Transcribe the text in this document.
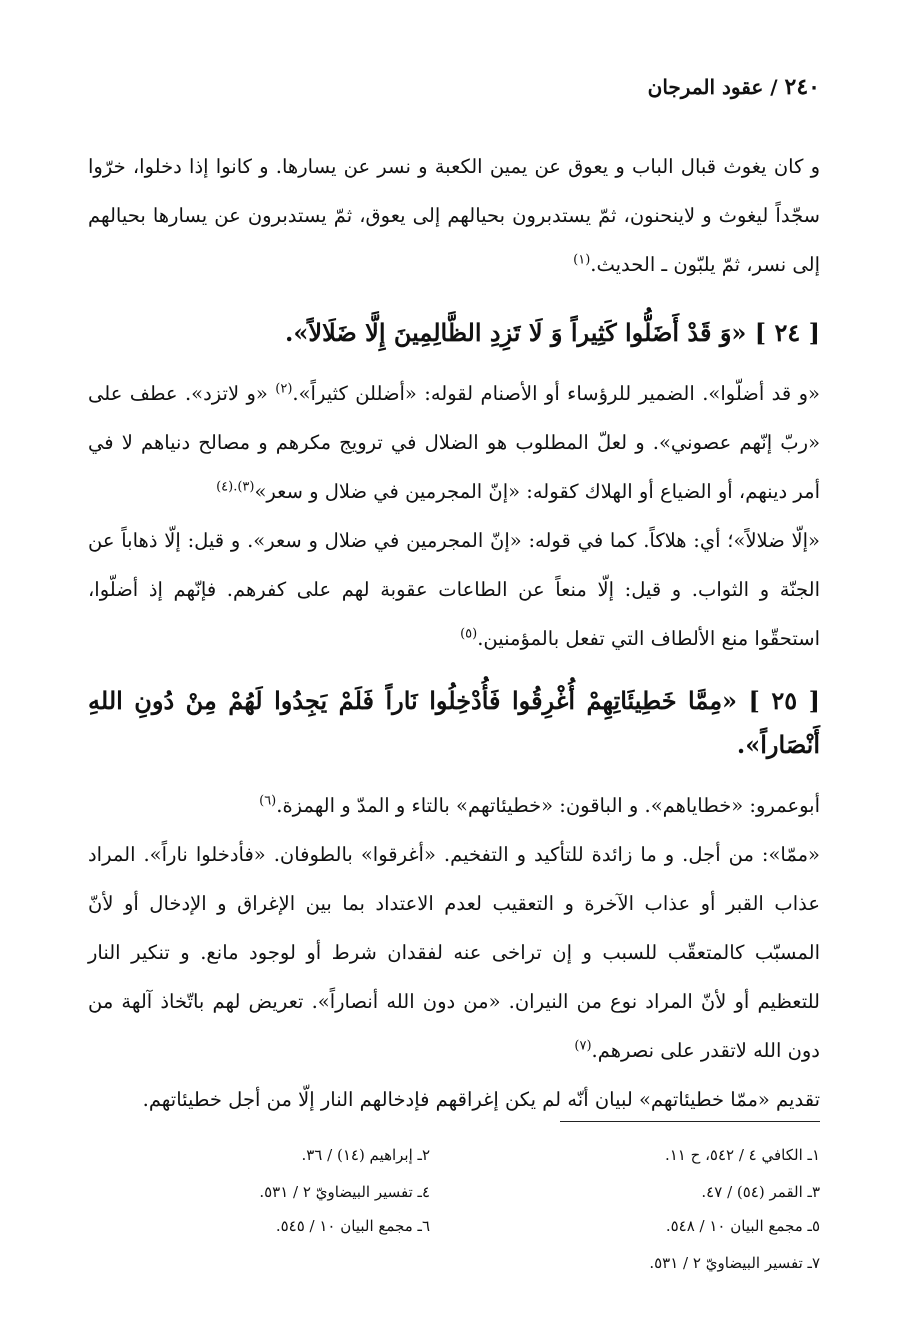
٢٤٠ / عقود المرجان

و كان يغوث قبال الباب و يعوق عن يمين الكعبة و نسر عن يسارها. و كانوا إذا دخلوا، خرّوا سجّداً ليغوث و لاينحنون، ثمّ يستدبرون بحيالهم إلى يعوق، ثمّ يستدبرون عن يسارها بحيالهم إلى نسر، ثمّ يلبّون ـ الحديث.$^{(١)}$

[ ٢٤ ] «وَ قَدْ أَضَلُّوا كَثِيراً وَ لَا تَزِدِ الظَّالِمِينَ إِلَّا ضَلَالاً».

«و قد أضلّوا». الضمير للرؤساء أو الأصنام لقوله: «أضللن كثيراً».$^{(٢)}$ «و لاتزد». عطف على «ربّ إنّهم عصوني». و لعلّ المطلوب هو الضلال في ترويج مكرهم و مصالح دنياهم لا في أمر دينهم، أو الضياع أو الهلاك كقوله: «إنّ المجرمين في ضلال و سعر»$^{(٣).(٤)}$

«إلّا ضلالاً»؛ أي: هلاكاً. كما في قوله: «إنّ المجرمين في ضلال و سعر». و قيل: إلّا ذهاباً عن الجنّة و الثواب. و قيل: إلّا منعاً عن الطاعات عقوبة لهم على كفرهم. فإنّهم إذ أضلّوا، استحقّوا منع الألطاف التي تفعل بالمؤمنين.$^{(٥)}$

[ ٢٥ ] «مِمَّا خَطِيئَاتِهِمْ أُغْرِقُوا فَأُدْخِلُوا نَاراً فَلَمْ يَجِدُوا لَهُمْ مِنْ دُونِ اللهِ أَنْصَاراً».

أبوعمرو: «خطاياهم». و الباقون: «خطيئاتهم» بالتاء و المدّ و الهمزة.$^{(٦)}$

«ممّا»: من أجل. و ما زائدة للتأكيد و التفخيم. «أغرقوا» بالطوفان. «فأدخلوا ناراً». المراد عذاب القبر أو عذاب الآخرة و التعقيب لعدم الاعتداد بما بين الإغراق و الإدخال أو لأنّ المسبّب كالمتعقّب للسبب و إن تراخى عنه لفقدان شرط أو لوجود مانع. و تنكير النار للتعظيم أو لأنّ المراد نوع من النيران. «من دون الله أنصاراً». تعريض لهم باتّخاذ آلهة من دون الله لاتقدر على نصرهم.$^{(٧)}$

تقديم «ممّا خطيئاتهم» لبيان أنّه لم يكن إغراقهم فإدخالهم النار إلّا من أجل خطيئاتهم.

١ـ الكافي ٤ / ٥٤٢، ح ١١.
٢ـ إبراهيم (١٤) / ٣٦.
٣ـ القمر (٥٤) / ٤٧.
٤ـ تفسير البيضاويّ ٢ / ٥٣١.
٥ـ مجمع البيان ١٠ / ٥٤٨.
٦ـ مجمع البيان ١٠ / ٥٤٥.
٧ـ تفسير البيضاويّ ٢ / ٥٣١.
